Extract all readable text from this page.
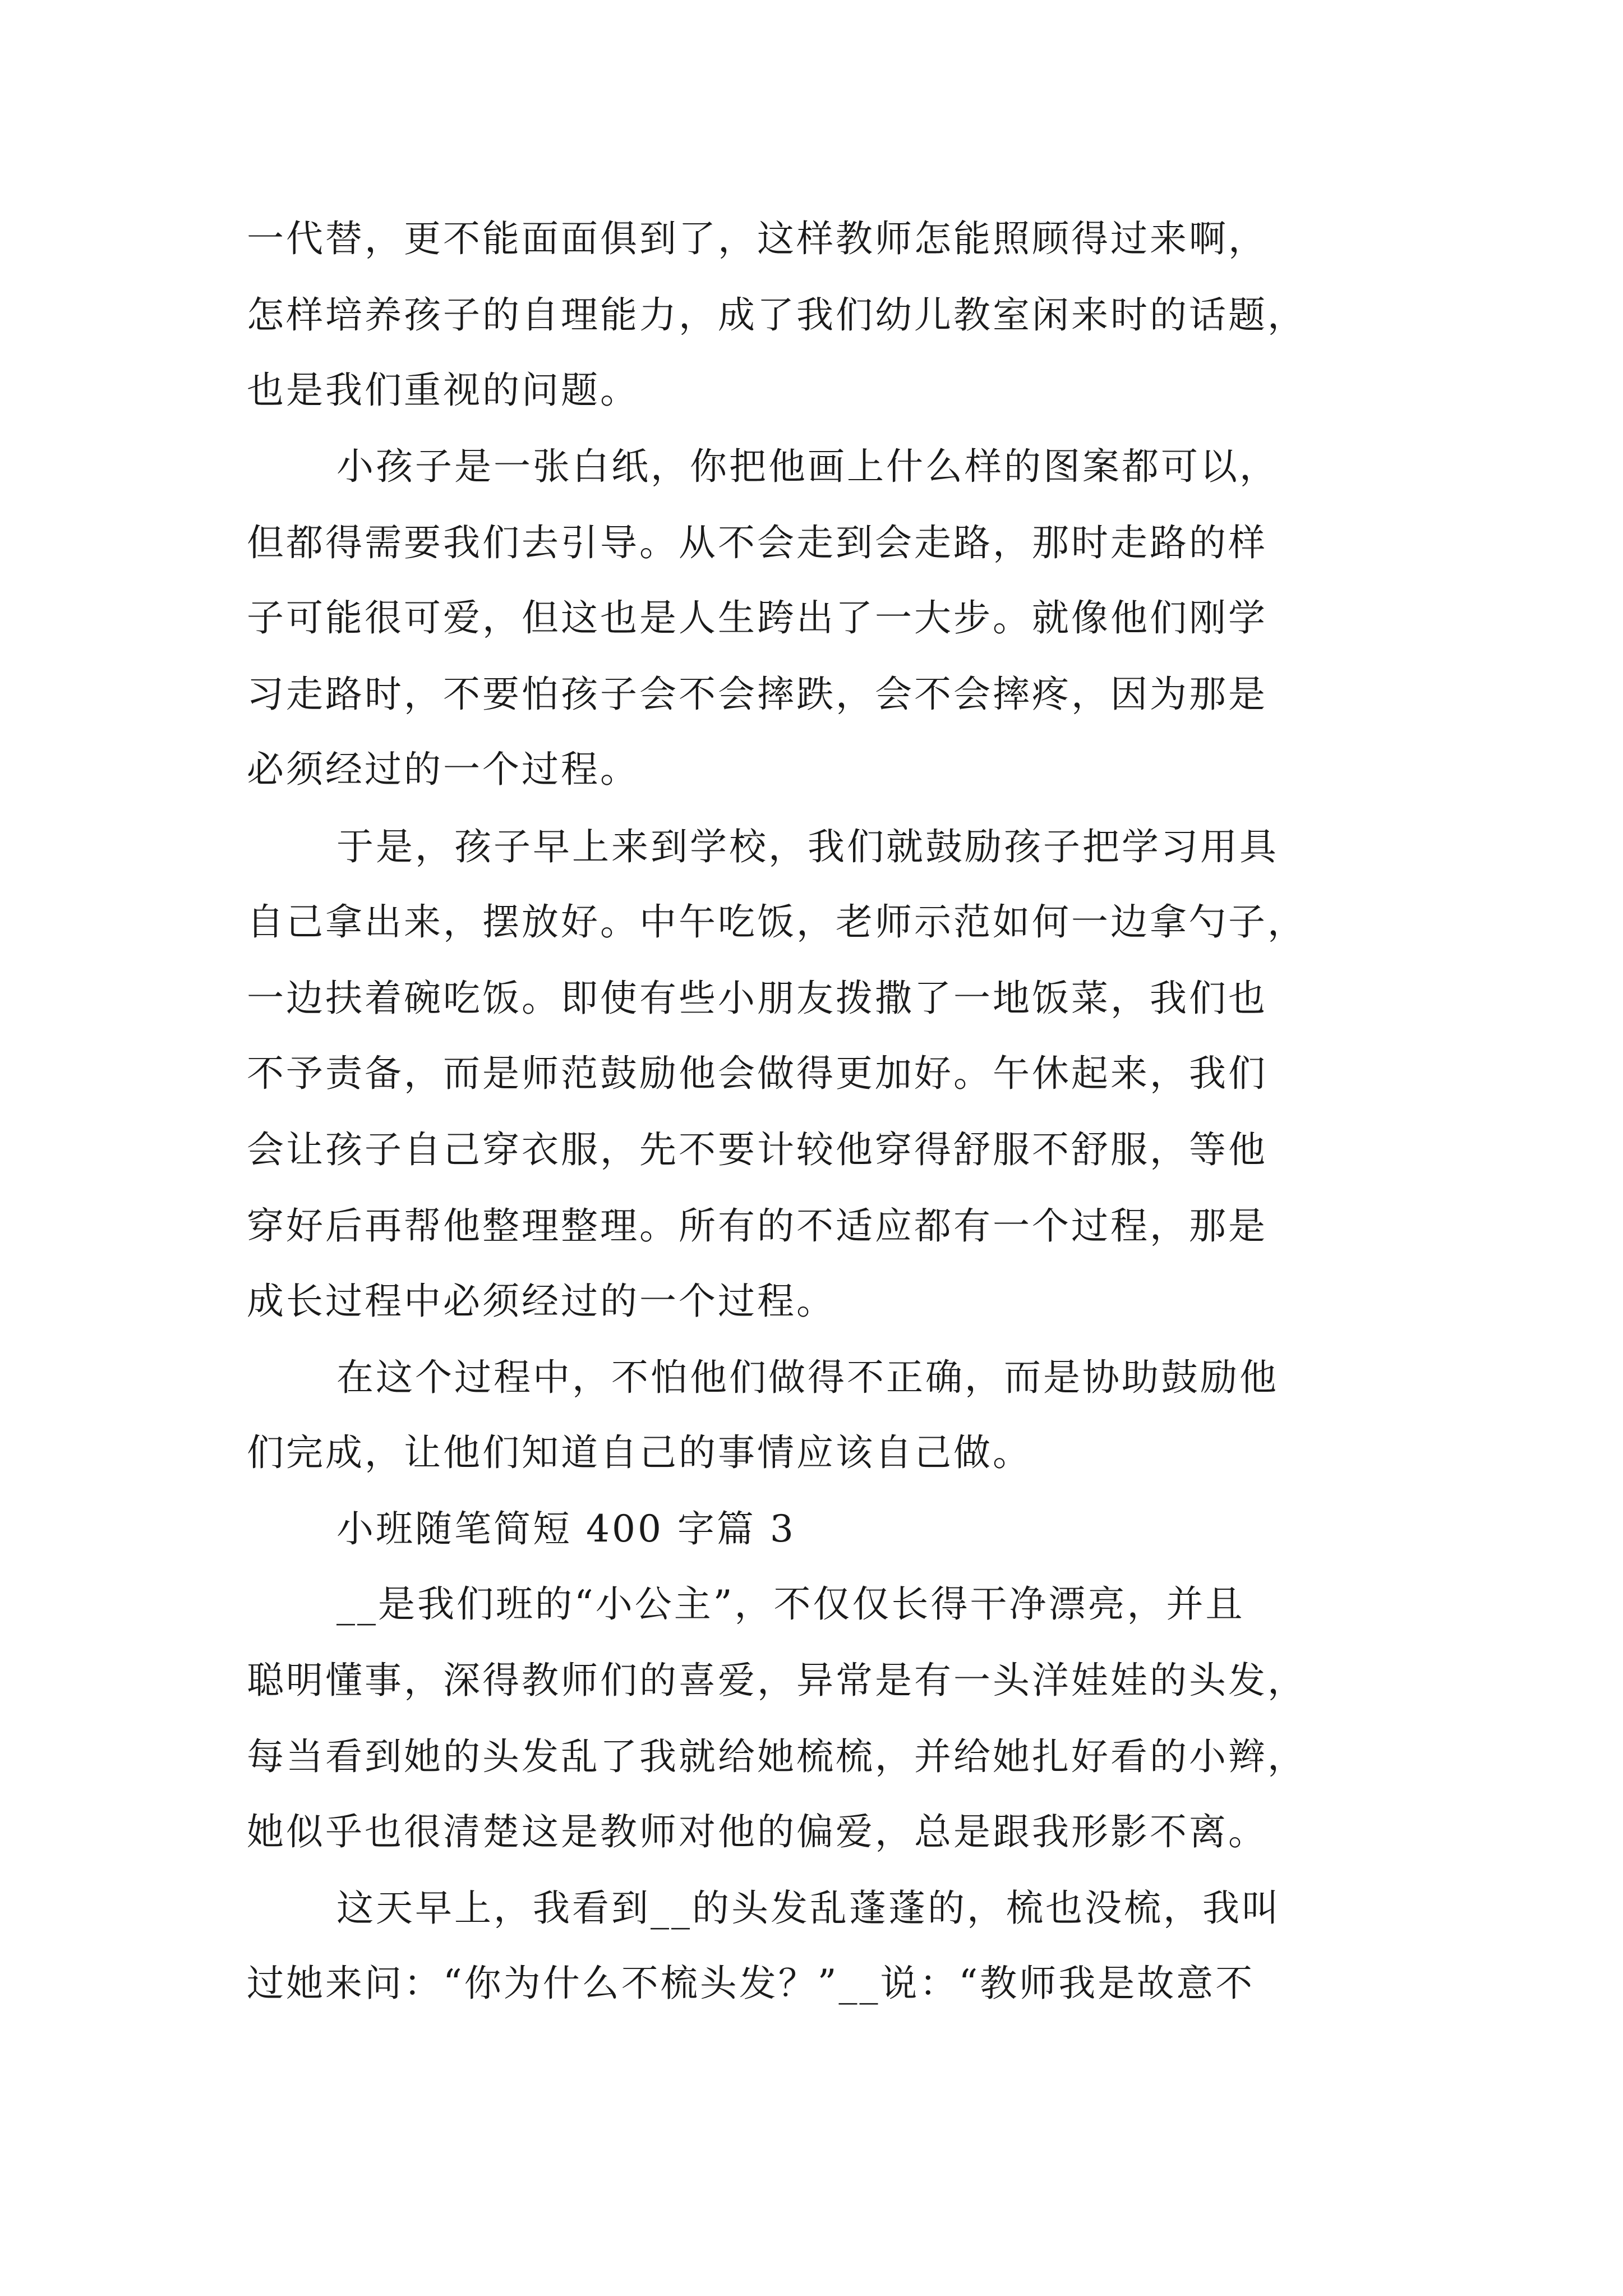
一代替，更不能面面俱到了，这样教师怎能照顾得过来啊，

怎样培养孩子的自理能力，成了我们幼儿教室闲来时的话题，

也是我们重视的问题。

小孩子是一张白纸，你把他画上什么样的图案都可以，

但都得需要我们去引导。从不会走到会走路，那时走路的样

子可能很可爱，但这也是人生跨出了一大步。就像他们刚学

习走路时，不要怕孩子会不会摔跌，会不会摔疼，因为那是

必须经过的一个过程。

于是，孩子早上来到学校，我们就鼓励孩子把学习用具

自己拿出来，摆放好。中午吃饭，老师示范如何一边拿勺子，

一边扶着碗吃饭。即使有些小朋友拨撒了一地饭菜，我们也

不予责备，而是师范鼓励他会做得更加好。午休起来，我们

会让孩子自己穿衣服，先不要计较他穿得舒服不舒服，等他

穿好后再帮他整理整理。所有的不适应都有一个过程，那是

成长过程中必须经过的一个过程。

在这个过程中，不怕他们做得不正确，而是协助鼓励他

们完成，让他们知道自己的事情应该自己做。

小班随笔简短 400 字篇 3

__是我们班的“小公主”，不仅仅长得干净漂亮，并且

聪明懂事，深得教师们的喜爱，异常是有一头洋娃娃的头发，

每当看到她的头发乱了我就给她梳梳，并给她扎好看的小辫，

她似乎也很清楚这是教师对他的偏爱，总是跟我形影不离。

这天早上，我看到__的头发乱蓬蓬的，梳也没梳，我叫

过她来问：“你为什么不梳头发？”__说：“教师我是故意不
